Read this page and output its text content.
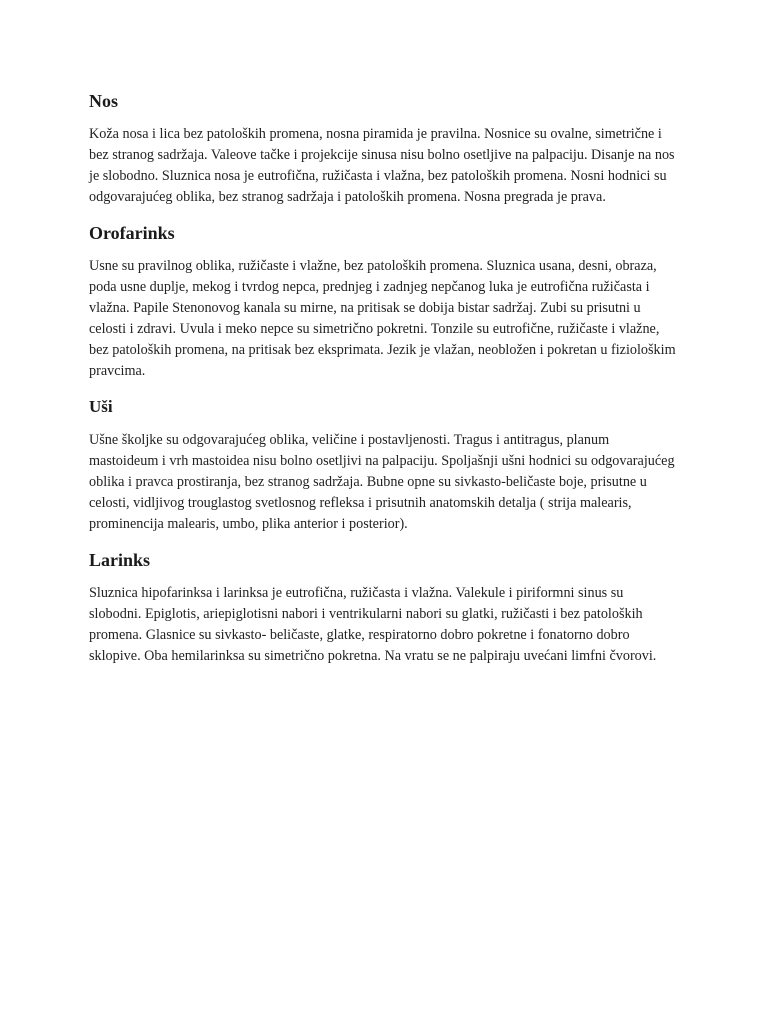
Nos

Koža nosa i lica bez patoloških promena, nosna piramida je pravilna. Nosnice su ovalne, simetrične i bez stranog sadržaja. Valeove tačke i projekcije sinusa nisu bolno osetljive na palpaciju. Disanje na nos je slobodno. Sluznica nosa je eutrofična, ružičasta i vlažna, bez patoloških promena. Nosni hodnici su odgovarajućeg oblika, bez stranog sadržaja i patoloških promena. Nosna pregrada je prava.

Orofarinks

Usne su pravilnog oblika, ružičaste i vlažne, bez patoloških promena. Sluznica usana, desni, obraza, poda usne duplje, mekog i tvrdog nepca, prednjeg i zadnjeg nepčanog luka je eutrofična ružičasta i vlažna. Papile Stenonovog kanala su mirne, na pritisak se dobija bistar sadržaj. Zubi su prisutni u celosti i zdravi. Uvula i meko nepce su simetrično pokretni. Tonzile su eutrofične, ružičaste i vlažne, bez patoloških promena, na pritisak bez eksprimata. Jezik je vlažan, neobložen i pokretan u fiziološkim pravcima.

Uši

Ušne školjke su odgovarajućeg oblika, veličine i postavljenosti. Tragus i antitragus, planum mastoideum i vrh mastoidea nisu bolno osetljivi na palpaciju. Spoljašnji ušni hodnici su odgovarajućeg oblika i pravca prostiranja, bez stranog sadržaja. Bubne opne su sivkasto-beličaste boje, prisutne u celosti, vidljivog trouglastog svetlosnog refleksa i prisutnih anatomskih detalja ( strija malearis, prominencija malearis, umbo, plika anterior i posterior).

Larinks

Sluznica hipofarinksa i larinksa je eutrofična, ružičasta i vlažna. Valekule i piriformni sinus su slobodni. Epiglotis, ariepiglotisni nabori i ventrikularni nabori su glatki, ružičasti i bez patoloških promena. Glasnice su sivkasto- beličaste, glatke, respiratorno dobro pokretne i fonatorno dobro sklopive. Oba hemilarinksa su simetrično pokretna. Na vratu se ne palpiraju uvećani limfni čvorovi.
